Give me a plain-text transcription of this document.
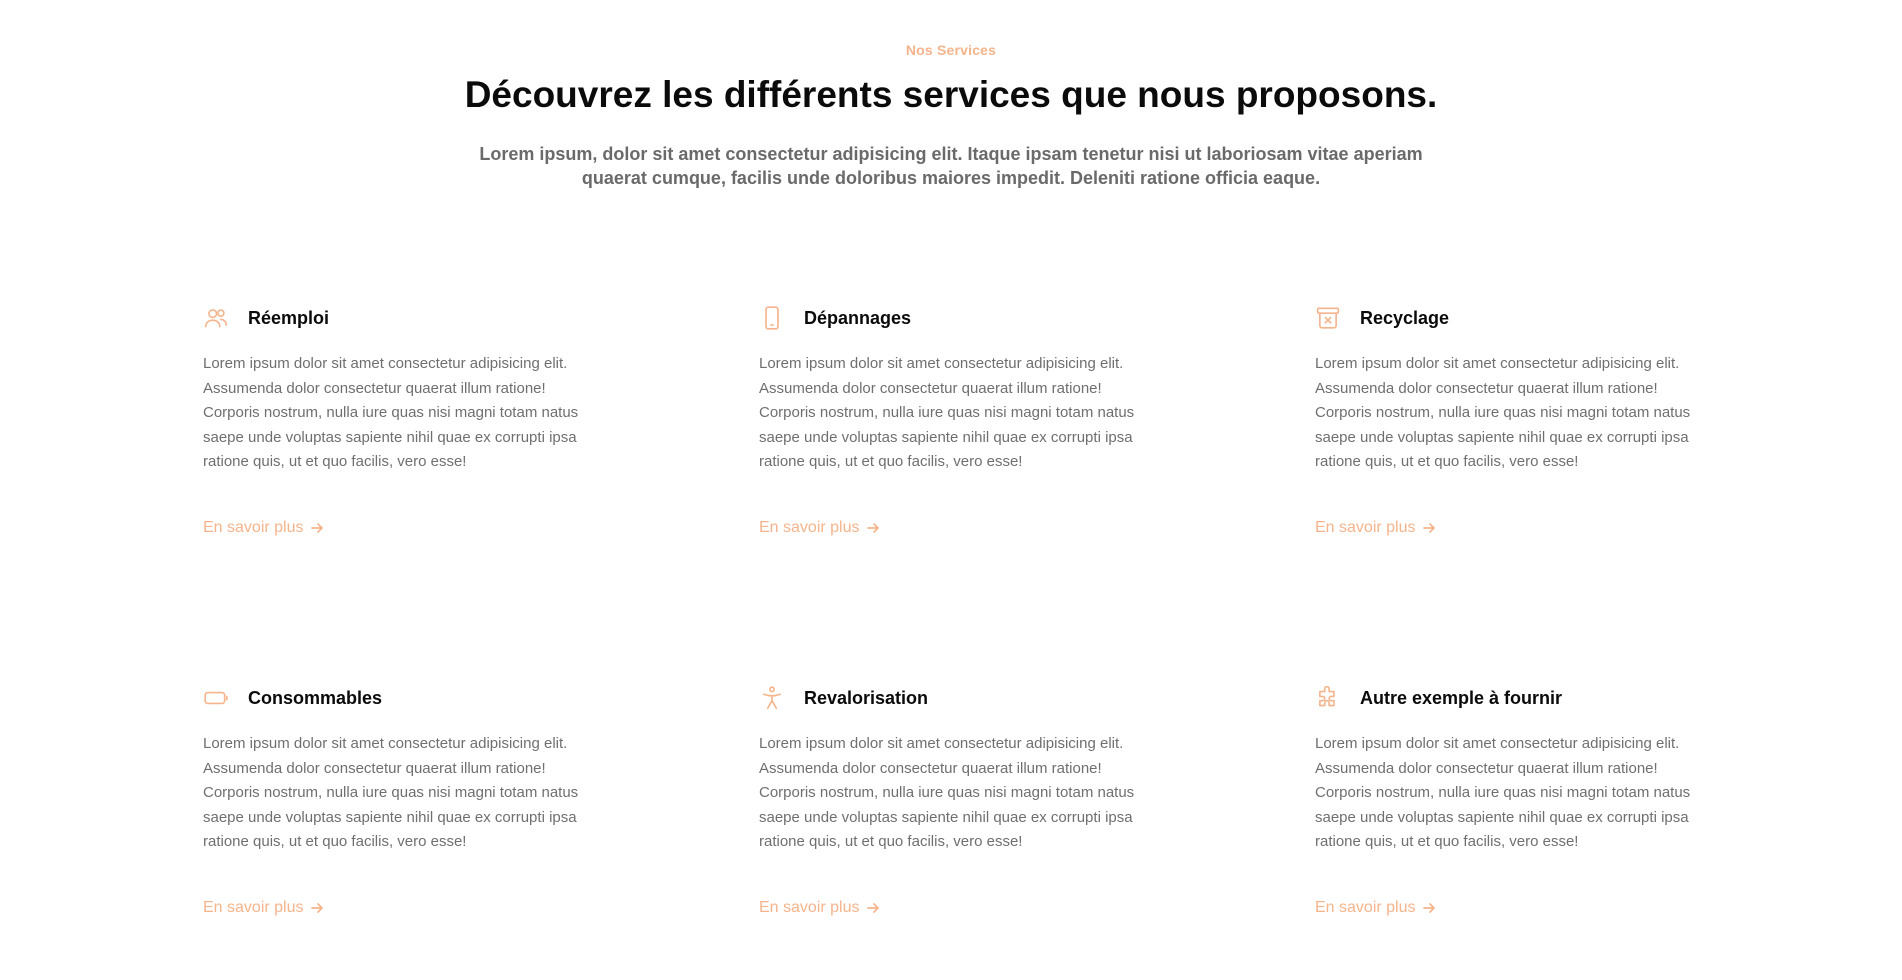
Nos Services

Découvrez les différents services que nous proposons.

Lorem ipsum, dolor sit amet consectetur adipisicing elit. Itaque ipsam tenetur nisi ut laboriosam vitae aperiam quaerat cumque, facilis unde doloribus maiores impedit. Deleniti ratione officia eaque.

Réemploi

Lorem ipsum dolor sit amet consectetur adipisicing elit. Assumenda dolor consectetur quaerat illum ratione! Corporis nostrum, nulla iure quas nisi magni totam natus saepe unde voluptas sapiente nihil quae ex corrupti ipsa ratione quis, ut et quo facilis, vero esse!

En savoir plus
Dépannages

Lorem ipsum dolor sit amet consectetur adipisicing elit. Assumenda dolor consectetur quaerat illum ratione! Corporis nostrum, nulla iure quas nisi magni totam natus saepe unde voluptas sapiente nihil quae ex corrupti ipsa ratione quis, ut et quo facilis, vero esse!

En savoir plus
Recyclage

Lorem ipsum dolor sit amet consectetur adipisicing elit. Assumenda dolor consectetur quaerat illum ratione! Corporis nostrum, nulla iure quas nisi magni totam natus saepe unde voluptas sapiente nihil quae ex corrupti ipsa ratione quis, ut et quo facilis, vero esse!

En savoir plus
Consommables

Lorem ipsum dolor sit amet consectetur adipisicing elit. Assumenda dolor consectetur quaerat illum ratione! Corporis nostrum, nulla iure quas nisi magni totam natus saepe unde voluptas sapiente nihil quae ex corrupti ipsa ratione quis, ut et quo facilis, vero esse!

En savoir plus
Revalorisation

Lorem ipsum dolor sit amet consectetur adipisicing elit. Assumenda dolor consectetur quaerat illum ratione! Corporis nostrum, nulla iure quas nisi magni totam natus saepe unde voluptas sapiente nihil quae ex corrupti ipsa ratione quis, ut et quo facilis, vero esse!

En savoir plus
Autre exemple à fournir

Lorem ipsum dolor sit amet consectetur adipisicing elit. Assumenda dolor consectetur quaerat illum ratione! Corporis nostrum, nulla iure quas nisi magni totam natus saepe unde voluptas sapiente nihil quae ex corrupti ipsa ratione quis, ut et quo facilis, vero esse!

En savoir plus
